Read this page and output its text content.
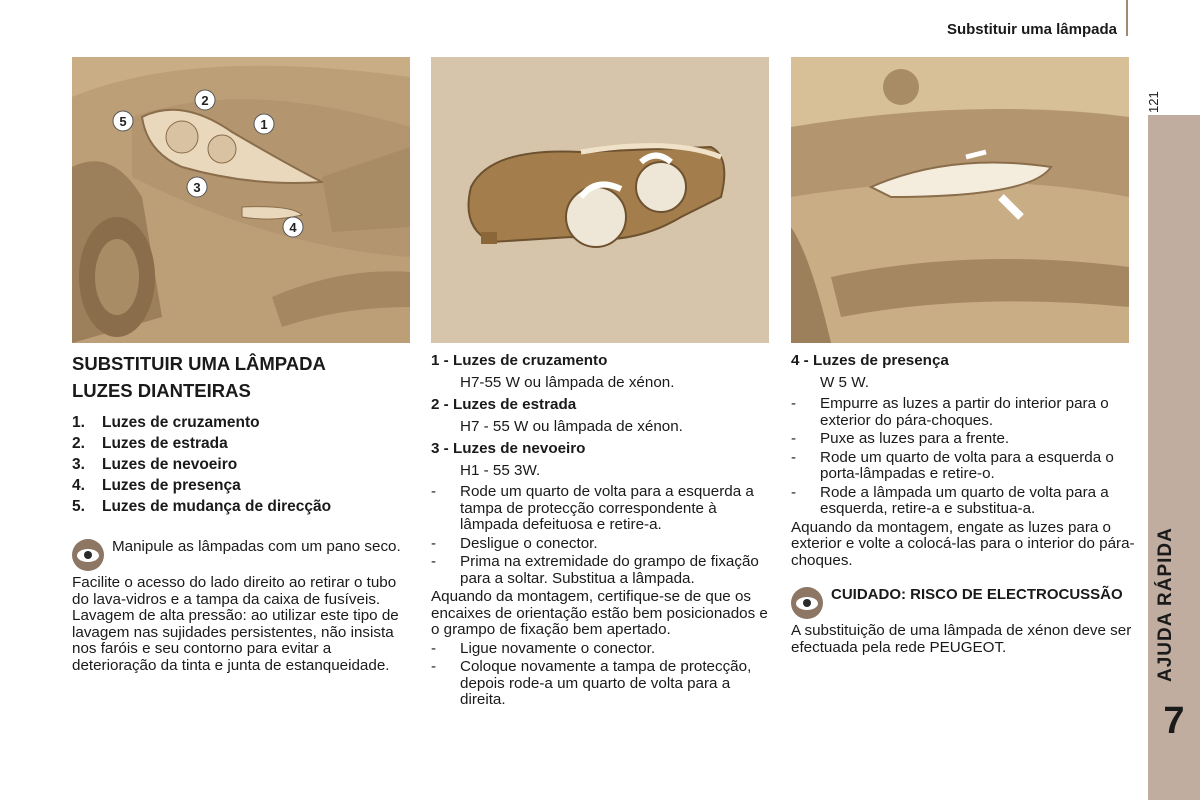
Substituir uma lâmpada
121
AJUDA RÁPIDA
7
1
2
3
4
5

SUBSTITUIR UMA LÂMPADA

LUZES DIANTEIRAS

1.	Luzes de cruzamento
2.	Luzes de estrada
3.	Luzes de nevoeiro
4.	Luzes de presença
5.	Luzes de mudança de direcção

Manipule as lâmpadas com um pano seco.

Facilite o acesso do lado direito ao retirar o tubo do lava-vidros e a tampa da caixa de fusíveis.

Lavagem de alta pressão: ao utilizar este tipo de lavagem nas sujidades persistentes, não insista nos faróis e seu contorno para evitar a deterioração da tinta e junta de estanqueidade.

1 - Luzes de cruzamento

H7-55 W ou lâmpada de xénon.

2 - Luzes de estrada

H7 - 55 W ou lâmpada de xénon.

3 - Luzes de nevoeiro

H1 - 55 3W.

-	Rode um quarto de volta para a esquerda a tampa de protecção correspondente à lâmpada defeituosa e retire-a.
-	Desligue o conector.
-	Prima na extremidade do grampo de fixação para a soltar. Substitua a lâmpada.

Aquando da montagem, certifique-se de que os encaixes de orientação estão bem posicionados e o grampo de fixação bem apertado.

-	Ligue novamente o conector.
-	Coloque novamente a tampa de protecção, depois rode-a um quarto de volta para a direita.

4 - Luzes de presença

W 5 W.

-	Empurre as luzes a partir do interior para o exterior do pára-choques.
-	Puxe as luzes para a frente.
-	Rode um quarto de volta para a esquerda o porta-lâmpadas e retire-o.
-	Rode a lâmpada um quarto de volta para a esquerda, retire-a e substitua-a.

Aquando da montagem, engate as luzes para o exterior e volte a colocá-las para o interior do pára-choques.

CUIDADO: RISCO DE ELECTROCUSSÃO

A substituição de uma lâmpada de xénon deve ser efectuada pela rede PEUGEOT.
